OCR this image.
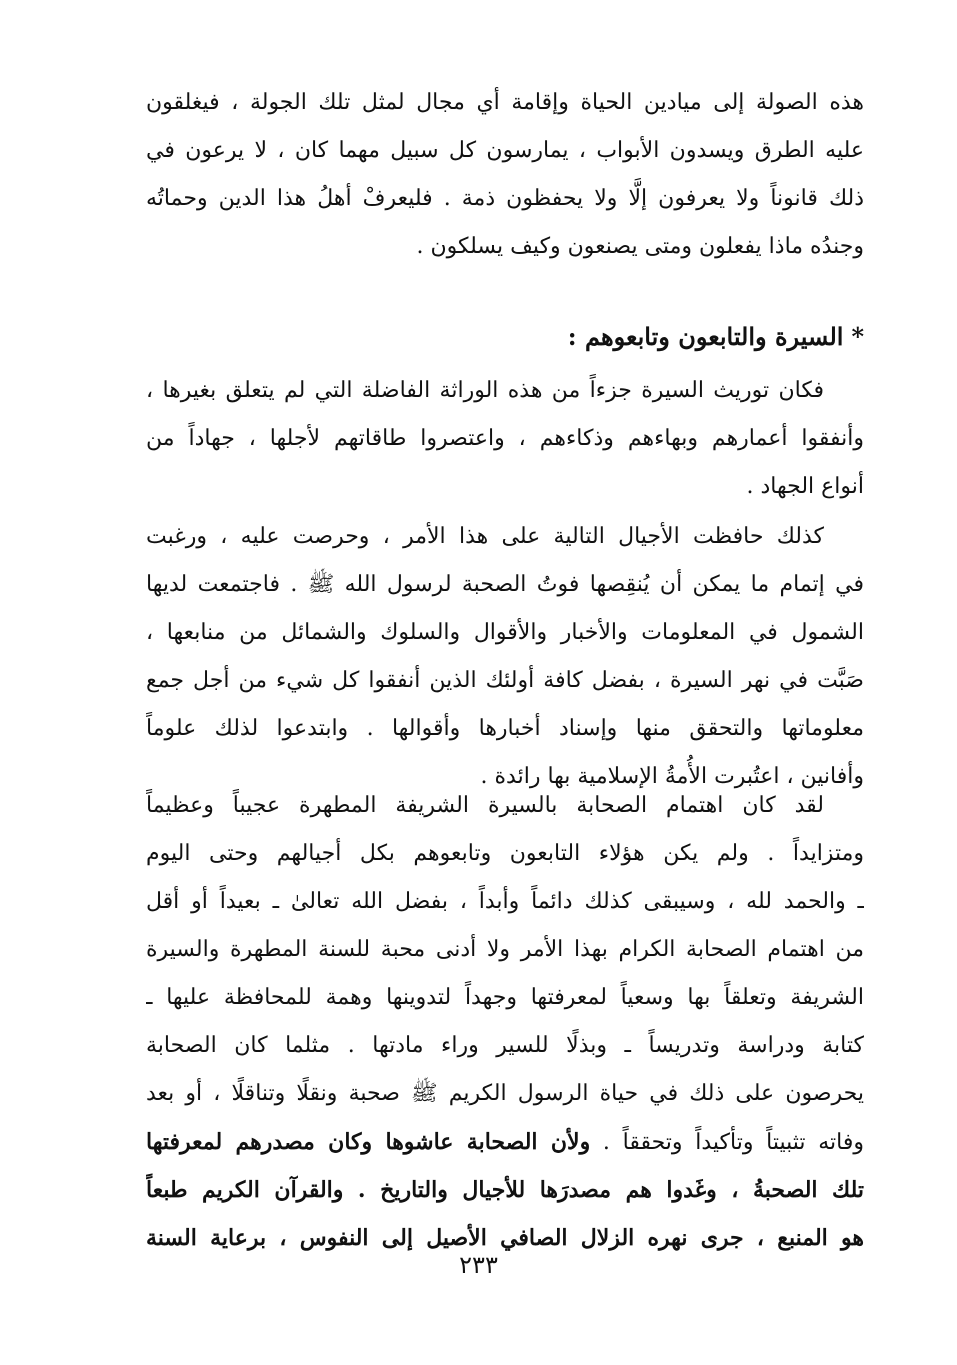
هذه الصولة إلى ميادين الحياة وإقامة أي مجال لمثل تلك الجولة ، فيغلقون
عليه الطرق ويسدون الأبواب ، يمارسون كل سبيل مهما كان ، لا يرعون في
ذلك قانوناً ولا يعرفون إلَّا ولا يحفظون ذمة . فليعرفْ أهلُ هذا الدين وحماتُه
وجندُه ماذا يفعلون ومتى يصنعون وكيف يسلكون .
*السيرة والتابعون وتابعوهم :
فكان توريث السيرة جزءاً من هذه الوراثة الفاضلة التي لم يتعلق بغيرها ،
وأنفقوا أعمارهم وبهاءهم وذكاءهم ، واعتصروا طاقاتهم لأجلها ، جهاداً من
أنواع الجهاد .
كذلك حافظت الأجيال التالية على هذا الأمر ، وحرصت عليه ، ورغبت
في إتمام ما يمكن أن يُنقِصها فوتُ الصحبة لرسول الله ﷺ . فاجتمعت لديها
الشمول في المعلومات والأخبار والأقوال والسلوك والشمائل من منابعها ،
صَبَّت في نهر السيرة ، بفضل كافة أولئك الذين أنفقوا كل شيء من أجل جمع
معلوماتها والتحقق منها وإسناد أخبارها وأقوالها . وابتدعوا لذلك علوماً
وأفانين ، اعتُبرت الأُمةُ الإسلامية بها رائدة .
لقد كان اهتمام الصحابة بالسيرة الشريفة المطهرة عجيباً وعظيماً
ومتزايداً . ولم يكن هؤلاء التابعون وتابعوهم بكل أجيالهم وحتى اليوم
ـ والحمد لله ، وسيبقى كذلك دائماً وأبداً ، بفضل الله تعالىٰ ـ بعيداً أو أقل
من اهتمام الصحابة الكرام بهذا الأمر ولا أدنى محبة للسنة المطهرة والسيرة
الشريفة وتعلقاً بها وسعياً لمعرفتها وجهداً لتدوينها وهمة للمحافظة عليها ـ
كتابة ودراسة وتدريساً ـ وبذلًا للسير وراء مادتها . مثلما كان الصحابة
يحرصون على ذلك في حياة الرسول الكريم ﷺ صحبة ونقلًا وتناقلًا ، أو بعد
وفاته تثبيتاً وتأكيداً وتحققاً . ولأن الصحابة عاشوها وكان مصدرهم لمعرفتها
تلك الصحبةُ ، وغَدوا هم مصدرَها للأجيال والتاريخ . والقرآن الكريم طبعاً
هو المنبع ، جرى نهره الزلال الصافي الأصيل إلى النفوس ، برعاية السنة
٢٣٣
